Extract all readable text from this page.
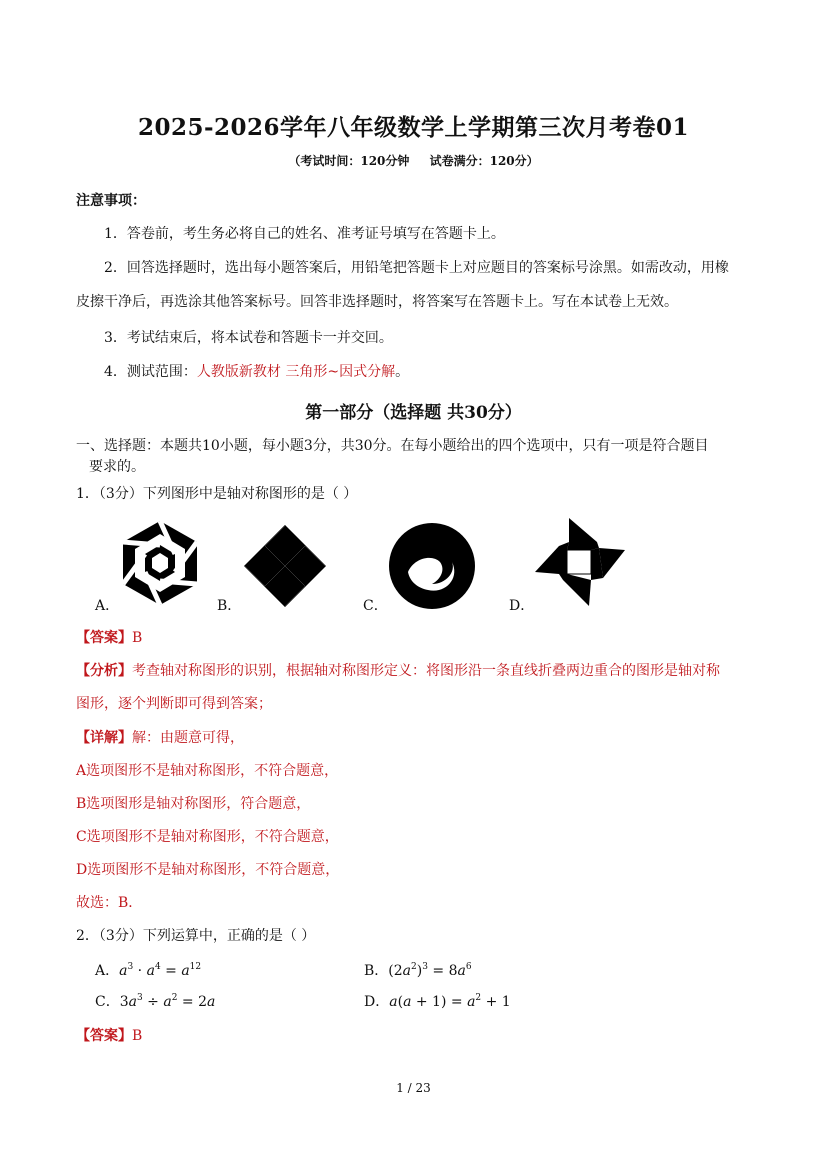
2025-2026学年八年级数学上学期第三次月考卷01
（考试时间：120分钟 试卷满分：120分）
注意事项：
1．答卷前，考生务必将自己的姓名、准考证号填写在答题卡上。
2．回答选择题时，选出每小题答案后，用铅笔把答题卡上对应题目的答案标号涂黑。如需改动，用橡
皮擦干净后，再选涂其他答案标号。回答非选择题时，将答案写在答题卡上。写在本试卷上无效。
3．考试结束后，将本试卷和答题卡一并交回。
4．测试范围：人教版新教材 三角形~因式分解。
第一部分（选择题 共30分）
一、选择题：本题共10小题，每小题3分，共30分。在每小题给出的四个选项中，只有一项是符合题目
要求的。
1．（3分）下列图形中是轴对称图形的是（ ）
A．	B．	C．	D．
【答案】B
【分析】考查轴对称图形的识别，根据轴对称图形定义：将图形沿一条直线折叠两边重合的图形是轴对称
图形，逐个判断即可得到答案；
【详解】解：由题意可得，
A选项图形不是轴对称图形，不符合题意，
B选项图形是轴对称图形，符合题意，
C选项图形不是轴对称图形，不符合题意，
D选项图形不是轴对称图形，不符合题意，
故选：B．
2．（3分）下列运算中，正确的是（ ）
A．$a^3 \cdot a^4 = a^{12}$	B．$(2a^2)^3 = 8a^6$
C．$3a^3 \div a^2 = 2a$	D．$a(a + 1) = a^2 + 1$
【答案】B
1 / 23
